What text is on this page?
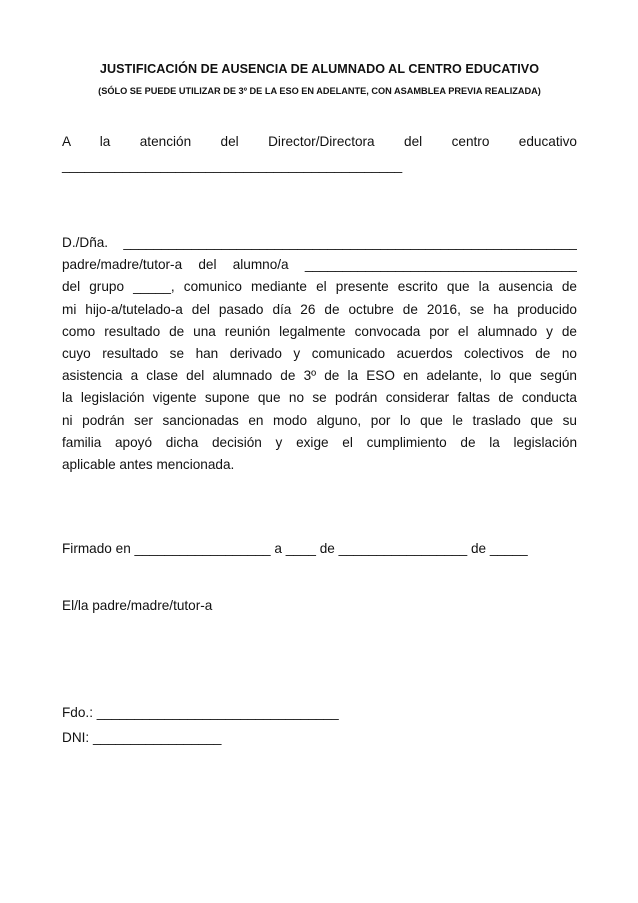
JUSTIFICACIÓN DE AUSENCIA DE ALUMNADO AL CENTRO EDUCATIVO
(SÓLO SE PUEDE UTILIZAR DE 3º DE LA ESO EN ADELANTE, CON ASAMBLEA PREVIA REALIZADA)
A la atención del Director/Directora del centro educativo
_____________________________________________
D./Dña. ____________________________________________________________
padre/madre/tutor-a del alumno/a ____________________________________
del grupo _____, comunico mediante el presente escrito que la ausencia de
mi hijo-a/tutelado-a del pasado día 26 de octubre de 2016, se ha producido
como resultado de una reunión legalmente convocada por el alumnado y de
cuyo resultado se han derivado y comunicado acuerdos colectivos de no
asistencia a clase del alumnado de 3º de la ESO en adelante, lo que según
la legislación vigente supone que no se podrán considerar faltas de conducta
ni podrán ser sancionadas en modo alguno, por lo que le traslado que su
familia apoyó dicha decisión y exige el cumplimiento de la legislación
aplicable antes mencionada.
Firmado en __________________ a ____ de _________________ de _____
El/la padre/madre/tutor-a
Fdo.: ________________________________
DNI: _________________
